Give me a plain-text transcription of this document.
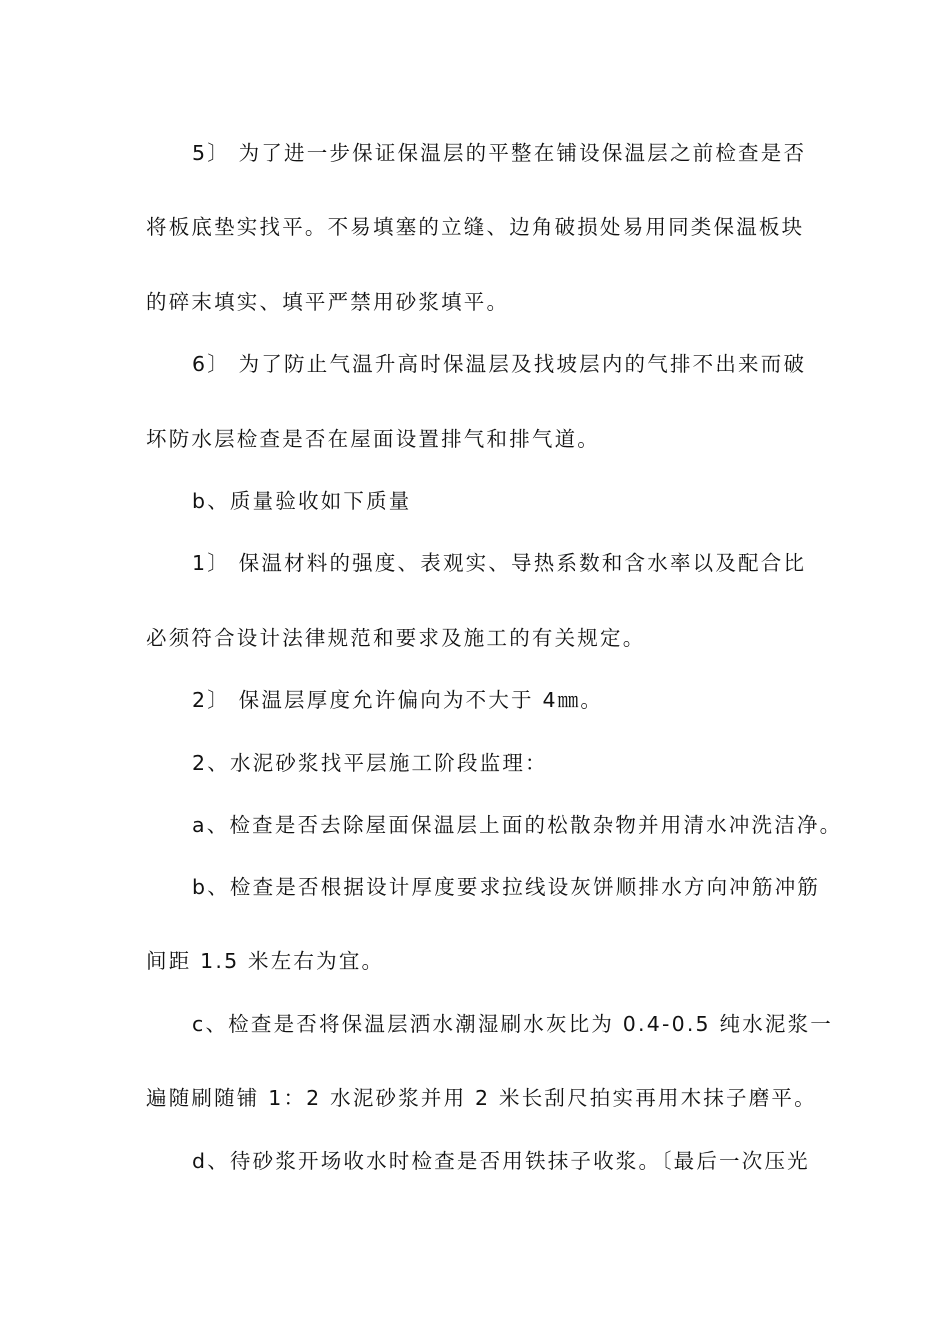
5〕 为了进一步保证保温层的平整在铺设保温层之前检查是否
将板底垫实找平。不易填塞的立缝、边角破损处易用同类保温板块
的碎末填实、填平严禁用砂浆填平。
6〕 为了防止气温升高时保温层及找坡层内的气排不出来而破
坏防水层检查是否在屋面设置排气和排气道。
b、质量验收如下质量
1〕 保温材料的强度、表观实、导热系数和含水率以及配合比
必须符合设计法律规范和要求及施工的有关规定。
2〕 保温层厚度允许偏向为不大于 4㎜。
2、水泥砂浆找平层施工阶段监理：
a、检查是否去除屋面保温层上面的松散杂物并用清水冲洗洁净。
b、检查是否根据设计厚度要求拉线设灰饼顺排水方向冲筋冲筋
间距 1.5 米左右为宜。
c、检查是否将保温层洒水潮湿刷水灰比为 0.4-0.5 纯水泥浆一
遍随刷随铺 1：2 水泥砂浆并用 2 米长刮尺拍实再用木抹子磨平。
d、待砂浆开场收水时检查是否用铁抹子收浆。〔最后一次压光
